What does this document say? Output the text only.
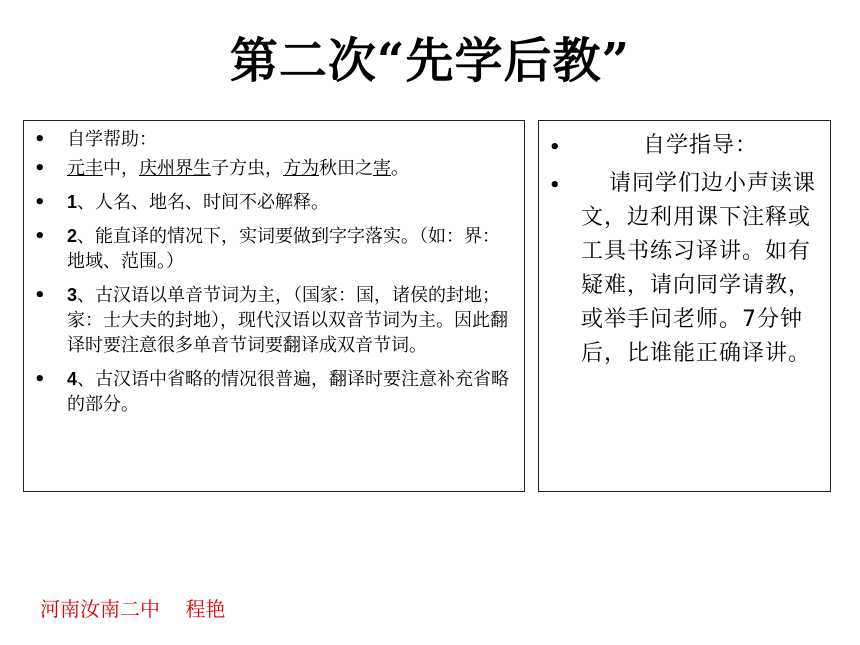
第二次“先学后教”
• 自学帮助：
• 元丰中，庆州界生子方虫，方为秋田之害。
• 1、人名、地名、时间不必解释。
• 2、能直译的情况下，实词要做到字字落实。（如：界：地域、范围。）
• 3、古汉语以单音节词为主，（国家：国，诸侯的封地；家：士大夫的封地），现代汉语以双音节词为主。因此翻译时要注意很多单音节词要翻译成双音节词。
• 4、古汉语中省略的情况很普遍，翻译时要注意补充省略的部分。
•	自学指导：
•	请同学们边小声读课文，边利用课下注释或工具书练习译讲。如有疑难，请向同学请教，或举手问老师。7分钟后，比谁能正确译讲。
河南汝南二中    程艳
